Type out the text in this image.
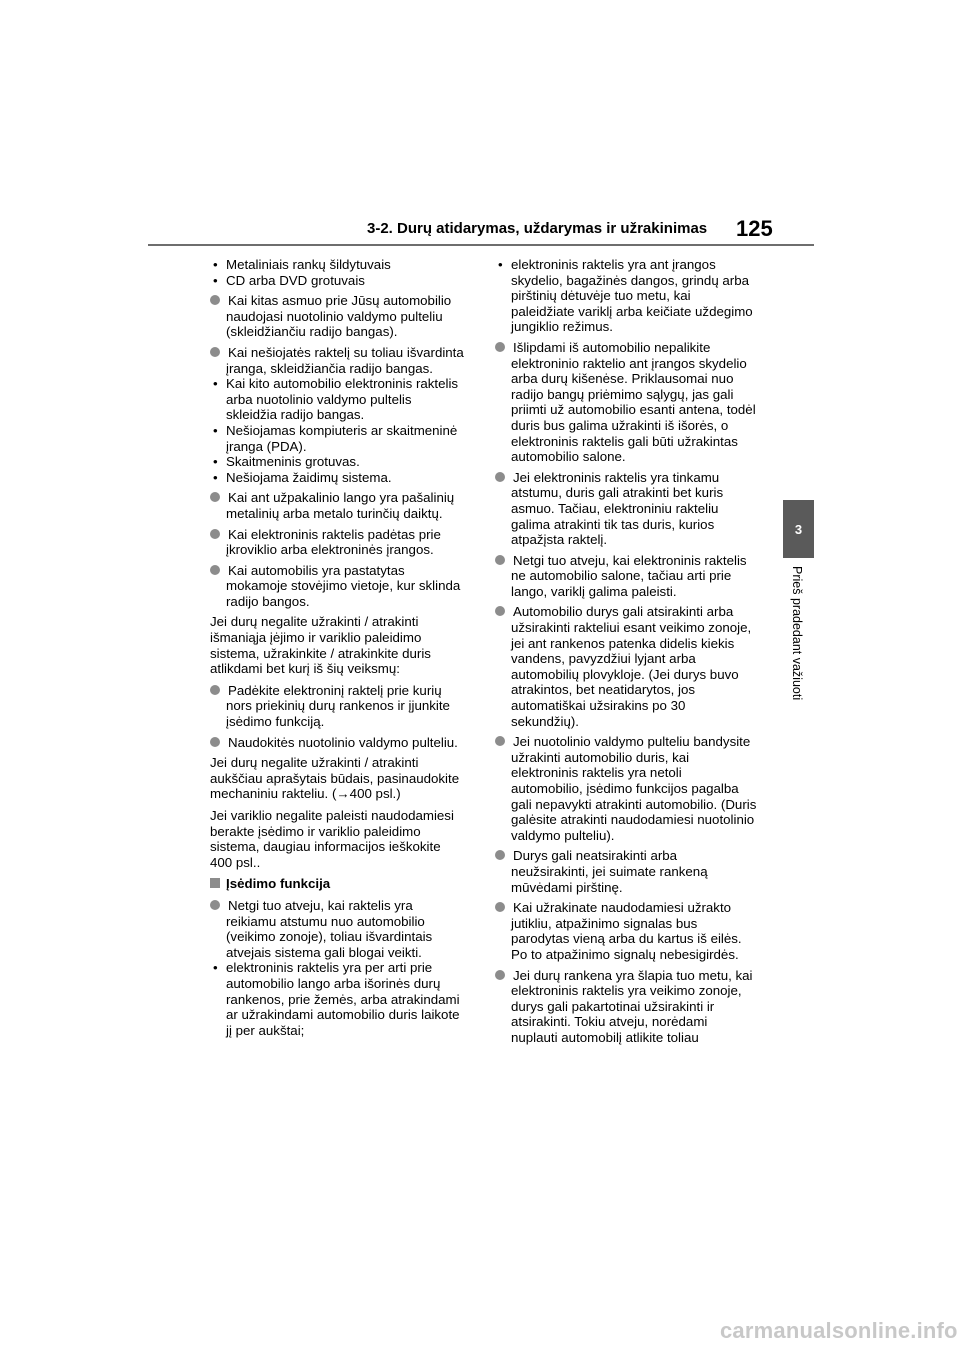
3-2. Durų atidarymas, uždarymas ir užrakinimas 125
3
Prieš pradedant važiuoti
• Metaliniais rankų šildytuvais
• CD arba DVD grotuvais
Kai kitas asmuo prie Jūsų automobilio naudojasi nuotolinio valdymo pulteliu (skleidžiančiu radijo bangas).
Kai nešiojatės raktelį su toliau išvardinta įranga, skleidžiančia radijo bangas.
• Kai kito automobilio elektroninis raktelis arba nuotolinio valdymo pultelis skleidžia radijo bangas.
• Nešiojamas kompiuteris ar skaitmeninė įranga (PDA).
• Skaitmeninis grotuvas.
• Nešiojama žaidimų sistema.
Kai ant užpakalinio lango yra pašalinių metalinių arba metalo turinčių daiktų.
Kai elektroninis raktelis padėtas prie įkroviklio arba elektroninės įrangos.
Kai automobilis yra pastatytas mokamoje stovėjimo vietoje, kur sklinda radijo bangos.
Jei durų negalite užrakinti / atrakinti išmaniąja įėjimo ir variklio paleidimo sistema, užrakinkite / atrakinkite duris atlikdami bet kurį iš šių veiksmų:
Padėkite elektroninį raktelį prie kurių nors priekinių durų rankenos ir įjunkite įsėdimo funkciją.
Naudokitės nuotolinio valdymo pulteliu.
Jei durų negalite užrakinti / atrakinti aukščiau aprašytais būdais, pasinaudokite mechaniniu rakteliu. (→400 psl.)
Jei variklio negalite paleisti naudodamiesi berakte įsėdimo ir variklio paleidimo sistema, daugiau informacijos ieškokite 400 psl..
Įsėdimo funkcija
Netgi tuo atveju, kai raktelis yra reikiamu atstumu nuo automobilio (veikimo zonoje), toliau išvardintais atvejais sistema gali blogai veikti.
• elektroninis raktelis yra per arti prie automobilio lango arba išorinės durų rankenos, prie žemės, arba atrakindami ar užrakindami automobilio duris laikote jį per aukštai;
• elektroninis raktelis yra ant įrangos skydelio, bagažinės dangos, grindų arba pirštinių dėtuvėje tuo metu, kai paleidžiate variklį arba keičiate uždegimo jungiklio režimus.
Išlipdami iš automobilio nepalikite elektroninio raktelio ant įrangos skydelio arba durų kišenėse. Priklausomai nuo radijo bangų priėmimo sąlygų, jas gali priimti už automobilio esanti antena, todėl duris bus galima užrakinti iš išorės, o elektroninis raktelis gali būti užrakintas automobilio salone.
Jei elektroninis raktelis yra tinkamu atstumu, duris gali atrakinti bet kuris asmuo. Tačiau, elektroniniu rakteliu galima atrakinti tik tas duris, kurios atpažįsta raktelį.
Netgi tuo atveju, kai elektroninis raktelis ne automobilio salone, tačiau arti prie lango, variklį galima paleisti.
Automobilio durys gali atsirakinti arba užsirakinti rakteliui esant veikimo zonoje, jei ant rankenos patenka didelis kiekis vandens, pavyzdžiui lyjant arba automobilių plovykloje. (Jei durys buvo atrakintos, bet neatidarytos, jos automatiškai užsirakins po 30 sekundžių).
Jei nuotolinio valdymo pulteliu bandysite užrakinti automobilio duris, kai elektroninis raktelis yra netoli automobilio, įsėdimo funkcijos pagalba gali nepavykti atrakinti automobilio. (Duris galėsite atrakinti naudodamiesi nuotolinio valdymo pulteliu).
Durys gali neatsirakinti arba neužsirakinti, jei suimate rankeną mūvėdami pirštinę.
Kai užrakinate naudodamiesi užrakto jutikliu, atpažinimo signalas bus parodytas vieną arba du kartus iš eilės. Po to atpažinimo signalų nebesigirdės.
Jei durų rankena yra šlapia tuo metu, kai elektroninis raktelis yra veikimo zonoje, durys gali pakartotinai užsirakinti ir atsirakinti. Tokiu atveju, norėdami nuplauti automobilį atlikite toliau
carmanualsonline.info
